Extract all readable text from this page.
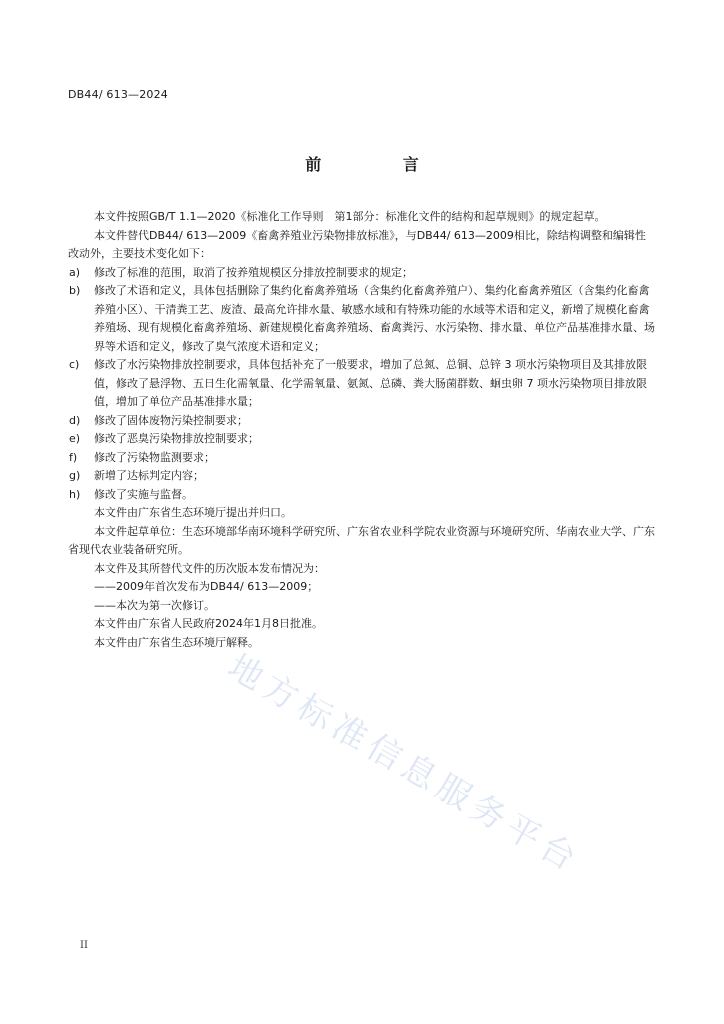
DB44/ 613—2024
前 言

本文件按照GB/T 1.1—2020《标准化工作导则　第1部分：标准化文件的结构和起草规则》的规定起草。

本文件替代DB44/ 613—2009《畜禽养殖业污染物排放标准》，与DB44/ 613—2009相比，除结构调整和编辑性改动外，主要技术变化如下：

a)	修改了标准的范围，取消了按养殖规模区分排放控制要求的规定；
b)	修改了术语和定义，具体包括删除了集约化畜禽养殖场（含集约化畜禽养殖户）、集约化畜禽养殖区（含集约化畜禽养殖小区）、干清粪工艺、废渣、最高允许排水量、敏感水域和有特殊功能的水域等术语和定义，新增了规模化畜禽养殖场、现有规模化畜禽养殖场、新建规模化畜禽养殖场、畜禽粪污、水污染物、排水量、单位产品基准排水量、场界等术语和定义，修改了臭气浓度术语和定义；
c)	修改了水污染物排放控制要求，具体包括补充了一般要求，增加了总氮、总铜、总锌 3 项水污染物项目及其排放限值，修改了悬浮物、五日生化需氧量、化学需氧量、氨氮、总磷、粪大肠菌群数、蛔虫卵 7 项水污染物项目排放限值，增加了单位产品基准排水量；
d)	修改了固体废物污染控制要求；
e)	修改了恶臭污染物排放控制要求；
f)	修改了污染物监测要求；
g)	新增了达标判定内容；
h)	修改了实施与监督。

本文件由广东省生态环境厅提出并归口。

本文件起草单位：生态环境部华南环境科学研究所、广东省农业科学院农业资源与环境研究所、华南农业大学、广东省现代农业装备研究所。

本文件及其所替代文件的历次版本发布情况为：

——2009年首次发布为DB44/ 613—2009；

——本次为第一次修订。

本文件由广东省人民政府2024年1月8日批准。

本文件由广东省生态环境厅解释。

地方标准信息服务平台
II
